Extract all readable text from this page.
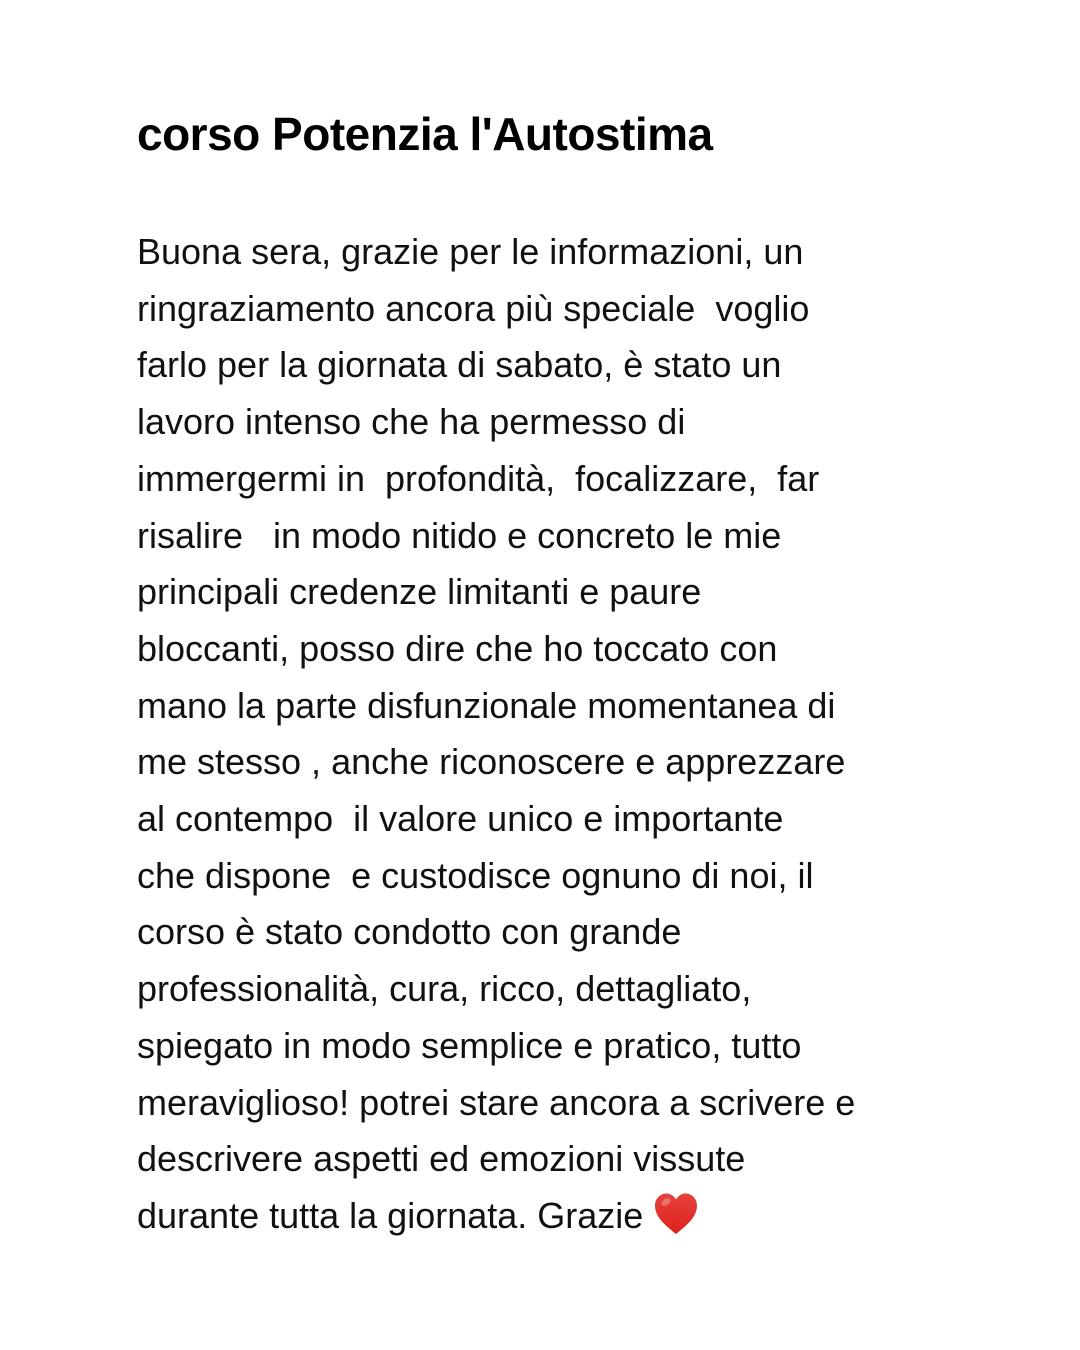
corso Potenzia l'Autostima
Buona sera, grazie per le informazioni, un
ringraziamento ancora più speciale  voglio
farlo per la giornata di sabato, è stato un
lavoro intenso che ha permesso di
immergermi in  profondità,  focalizzare,  far
risalire   in modo nitido e concreto le mie
principali credenze limitanti e paure
bloccanti, posso dire che ho toccato con
mano la parte disfunzionale momentanea di
me stesso , anche riconoscere e apprezzare
al contempo  il valore unico e importante
che dispone  e custodisce ognuno di noi, il
corso è stato condotto con grande
professionalità, cura, ricco, dettagliato,
spiegato in modo semplice e pratico, tutto
meraviglioso! potrei stare ancora a scrivere e
descrivere aspetti ed emozioni vissute
durante tutta la giornata. Grazie
